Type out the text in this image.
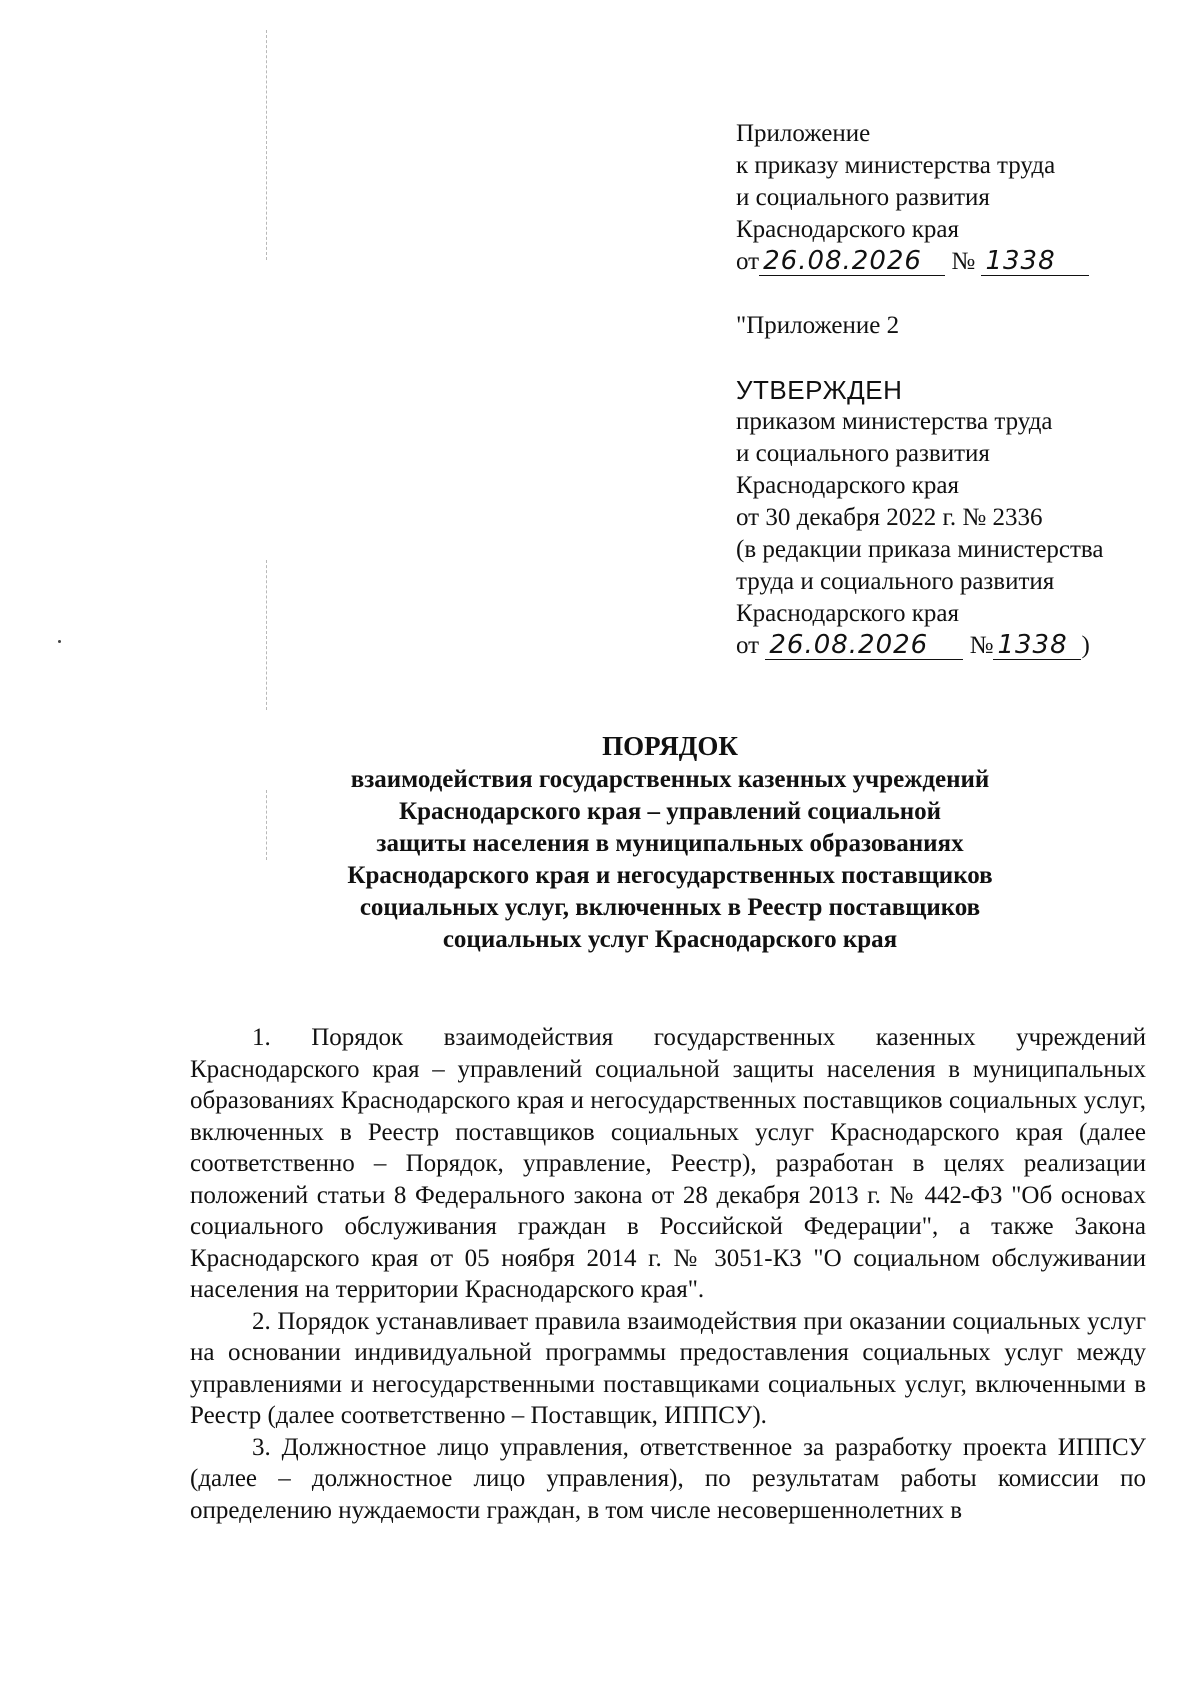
Приложение
к приказу министерства труда
и социального развития
Краснодарского края
от 26.08.2026 № 1338
"Приложение 2
УТВЕРЖДЕН
приказом министерства труда
и социального развития
Краснодарского края
от 30 декабря 2022 г. № 2336
(в редакции приказа министерства
труда и социального развития
Краснодарского края
от 26.08.2026 № 1338 )
ПОРЯДОК
взаимодействия государственных казенных учреждений
Краснодарского края – управлений социальной
защиты населения в муниципальных образованиях
Краснодарского края и негосударственных поставщиков
социальных услуг, включенных в Реестр поставщиков
социальных услуг Краснодарского края

1. Порядок взаимодействия государственных казенных учреждений Краснодарского края – управлений социальной защиты населения в муниципальных образованиях Краснодарского края и негосударственных поставщиков социальных услуг, включенных в Реестр поставщиков социальных услуг Краснодарского края (далее соответственно – Порядок, управление, Реестр), разработан в целях реализации положений статьи 8 Федерального закона от 28 декабря 2013 г. № 442-ФЗ "Об основах социального обслуживания граждан в Российской Федерации", а также Закона Краснодарского края от 05 ноября 2014 г. № 3051-КЗ "О социальном обслуживании населения на территории Краснодарского края".

2. Порядок устанавливает правила взаимодействия при оказании социальных услуг на основании индивидуальной программы предоставления социальных услуг между управлениями и негосударственными поставщиками социальных услуг, включенными в Реестр (далее соответственно – Поставщик, ИППСУ).

3. Должностное лицо управления, ответственное за разработку проекта ИППСУ (далее – должностное лицо управления), по результатам работы комиссии по определению нуждаемости граждан, в том числе несовершеннолетних в
